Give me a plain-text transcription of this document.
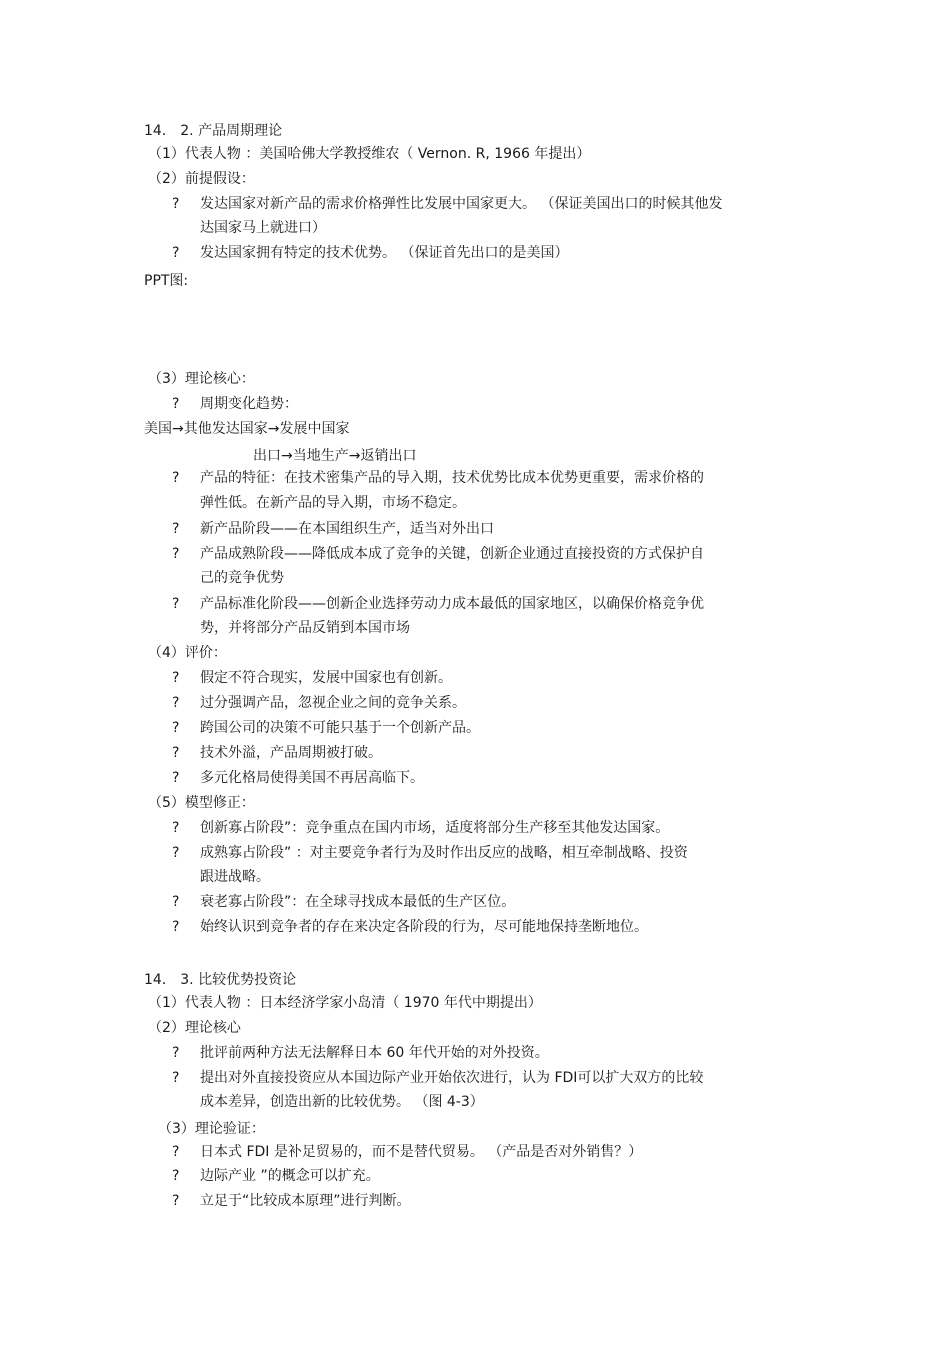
14． 2. 产品周期理论
（1）代表人物 ：美国哈佛大学教授维农（ Vernon. R, 1966 年提出）
（2）前提假设：
? 发达国家对新产品的需求价格弹性比发展中国家更大。 （保证美国出口的时候其他发
达国家马上就进口）
? 发达国家拥有特定的技术优势。 （保证首先出口的是美国）
PPT图:
（3）理论核心：
? 周期变化趋势：
美国→其他发达国家→发展中国家
出口→当地生产→返销出口
? 产品的特征：在技术密集产品的导入期，技术优势比成本优势更重要，需求价格的
弹性低。在新产品的导入期，市场不稳定。
? 新产品阶段——在本国组织生产，适当对外出口
? 产品成熟阶段——降低成本成了竞争的关键，创新企业通过直接投资的方式保护自
己的竞争优势
? 产品标准化阶段——创新企业选择劳动力成本最低的国家地区，以确保价格竞争优
势，并将部分产品反销到本国市场
（4）评价：
? 假定不符合现实，发展中国家也有创新。
? 过分强调产品，忽视企业之间的竞争关系。
? 跨国公司的决策不可能只基于一个创新产品。
? 技术外溢，产品周期被打破。
? 多元化格局使得美国不再居高临下。
（5）模型修正：
? 创新寡占阶段”：竞争重点在国内市场，适度将部分生产移至其他发达国家。
? 成熟寡占阶段” ：对主要竞争者行为及时作出反应的战略，相互牵制战略、投资
跟进战略。
? 衰老寡占阶段”：在全球寻找成本最低的生产区位。
? 始终认识到竞争者的存在来决定各阶段的行为，尽可能地保持垄断地位。
14． 3. 比较优势投资论
（1）代表人物 ：日本经济学家小岛清（ 1970 年代中期提出）
（2）理论核心
? 批评前两种方法无法解释日本 60 年代开始的对外投资。
? 提出对外直接投资应从本国边际产业开始依次进行，认为 FDI可以扩大双方的比较
成本差异，创造出新的比较优势。 （图 4-3）
（3）理论验证：
? 日本式 FDI 是补足贸易的，而不是替代贸易。 （产品是否对外销售？）
? 边际产业 ”的概念可以扩充。
? 立足于“比较成本原理”进行判断。
